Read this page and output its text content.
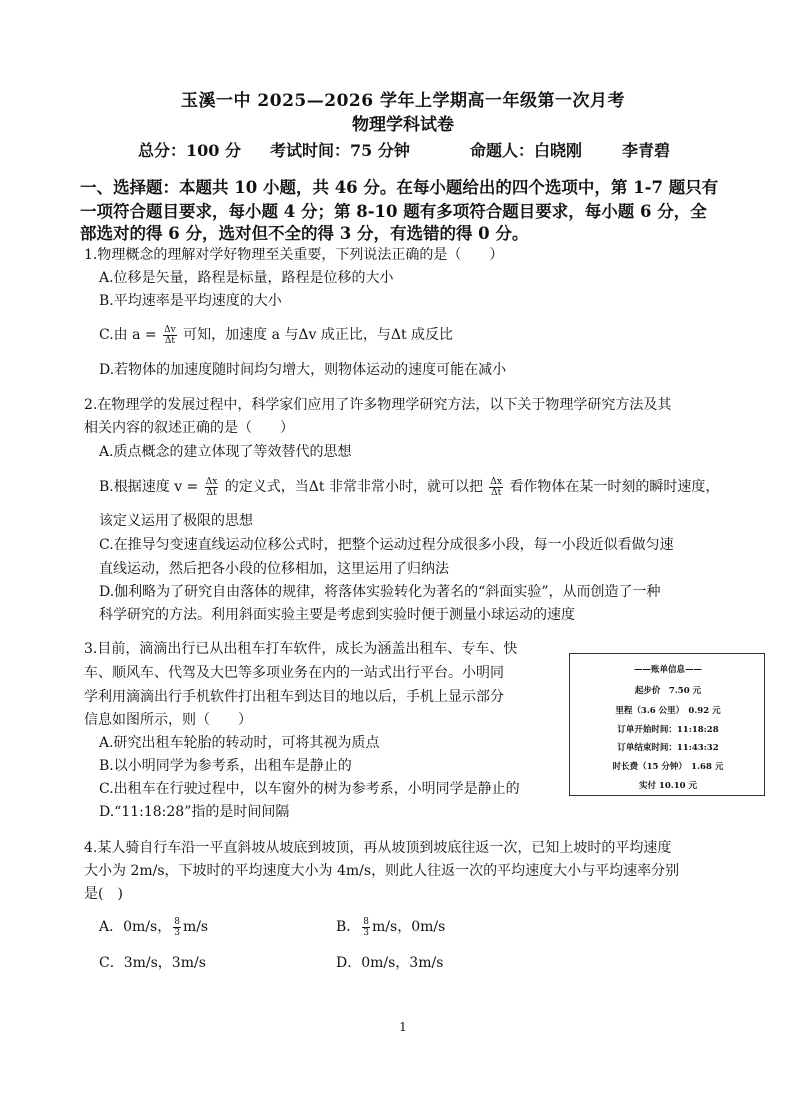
玉溪一中 2025—2026 学年上学期高一年级第一次月考
物理学科试卷
总分：100 分 考试时间：75 分钟	命题人：白晓刚 李青碧
一、选择题：本题共 10 小题，共 46 分。在每小题给出的四个选项中，第 1-7 题只有
一项符合题目要求，每小题 4 分；第 8-10 题有多项符合题目要求，每小题 6 分，全
部选对的得 6 分，选对但不全的得 3 分，有选错的得 0 分。
1.物理概念的理解对学好物理至关重要，下列说法正确的是（　　）
A.位移是矢量，路程是标量，路程是位移的大小
B.平均速率是平均速度的大小
C.由 $a = \frac{\Delta v}{\Delta t}$ 可知，加速度 a 与Δv 成正比，与Δt 成反比
D.若物体的加速度随时间均匀增大，则物体运动的速度可能在减小
2.在物理学的发展过程中，科学家们应用了许多物理学研究方法，以下关于物理学研究方法及其
相关内容的叙述正确的是（　　）
A.质点概念的建立体现了等效替代的思想
B.根据速度 $v = \frac{\Delta x}{\Delta t}$ 的定义式，当Δt 非常非常小时，就可以把 $\frac{\Delta x}{\Delta t}$ 看作物体在某一时刻的瞬时速度，
该定义运用了极限的思想
C.在推导匀变速直线运动位移公式时，把整个运动过程分成很多小段，每一小段近似看做匀速
直线运动，然后把各小段的位移相加，这里运用了归纳法
D.伽利略为了研究自由落体的规律，将落体实验转化为著名的“斜面实验”，从而创造了一种
科学研究的方法。利用斜面实验主要是考虑到实验时便于测量小球运动的速度
3.目前，滴滴出行已从出租车打车软件，成长为涵盖出租车、专车、快
车、顺风车、代驾及大巴等多项业务在内的一站式出行平台。小明同
学利用滴滴出行手机软件打出租车到达目的地以后，手机上显示部分
信息如图所示，则（　　）
A.研究出租车轮胎的转动时，可将其视为质点
B.以小明同学为参考系，出租车是静止的
C.出租车在行驶过程中，以车窗外的树为参考系，小明同学是静止的
D.“11:18:28”指的是时间间隔
——账单信息——
起步价　7.50 元
里程（3.6 公里）　0.92 元
订单开始时间：11:18:28
订单结束时间：11:43:32
时长费（15 分钟）　1.68 元
实付 10.10 元
4.某人骑自行车沿一平直斜坡从坡底到坡顶，再从坡顶到坡底往返一次，已知上坡时的平均速度
大小为 2m/s，下坡时的平均速度大小为 4m/s，则此人往返一次的平均速度大小与平均速率分别
是(　)
A．0m/s， $\frac{8}{3} m/s$	B． $\frac{8}{3} m/s$，0m/s
C．3m/s，3m/s	D．0m/s，3m/s
1
